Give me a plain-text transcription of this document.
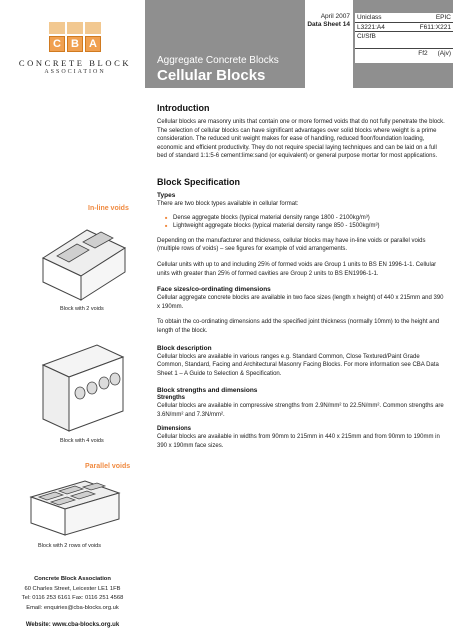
C B A
CONCRETE BLOCK
ASSOCIATION
April 2007
Data Sheet 14
Uniclass	EPIC
L3221:A4	F611:X221
CI/SfB
Ff2 (Ajv)
Aggregate Concrete Blocks
Cellular Blocks
In-line voids
Block with 2 voids
Block with 4 voids
Parallel voids
Block with 2 rows of voids
Introduction

Cellular blocks are masonry units that contain one or more formed voids that do not fully penetrate the block. The selection of cellular blocks can have significant advantages over solid blocks where weight is a prime consideration. The reduced unit weight makes for ease of handling, reduced floor/foundation loading, economic and efficient productivity. They do not require special laying techniques and can be laid on a full bed of standard 1:1:5-6 cement:lime:sand (or equivalent) or general purpose mortar for most applications.

Block Specification
Types

There are two block types available in cellular format:

■ Dense aggregate blocks (typical material density range 1800 - 2100kg/m³)
■ Lightweight aggregate blocks (typical material density range 850 - 1500kg/m³)

Depending on the manufacturer and thickness, cellular blocks may have in-line voids or parallel voids (multiple rows of voids) – see figures for example of void arrangements.

Cellular units with up to and including 25% of formed voids are Group 1 units to BS EN 1996-1-1. Cellular units with greater than 25% of formed cavities are Group 2 units to BS EN1996-1-1.

Face sizes/co-ordinating dimensions

Cellular aggregate concrete blocks are available in two face sizes (length x height) of 440 x 215mm and 390 x 190mm.

To obtain the co-ordinating dimensions add the specified joint thickness (normally 10mm) to the height and length of the block.

Block description

Cellular blocks are available in various ranges e.g. Standard Common, Close Textured/Paint Grade Common, Standard, Facing and Architectural Masonry Facing Blocks. For more information see CBA Data Sheet 1 – A Guide to Selection & Specification.

Block strengths and dimensions
Strengths

Cellular blocks are available in compressive strengths from 2.9N/mm² to 22.5N/mm². Common strengths are 3.6N/mm² and 7.3N/mm².

Dimensions

Cellular blocks are available in widths from 90mm to 215mm in 440 x 215mm and from 90mm to 190mm in 390 x 190mm face sizes.

Concrete Block Association

60 Charles Street, Leicester LE1 1FB

Tel: 0116 253 6161 Fax: 0116 251 4568

Email: enquiries@cba-blocks.org.uk

Website: www.cba-blocks.org.uk
